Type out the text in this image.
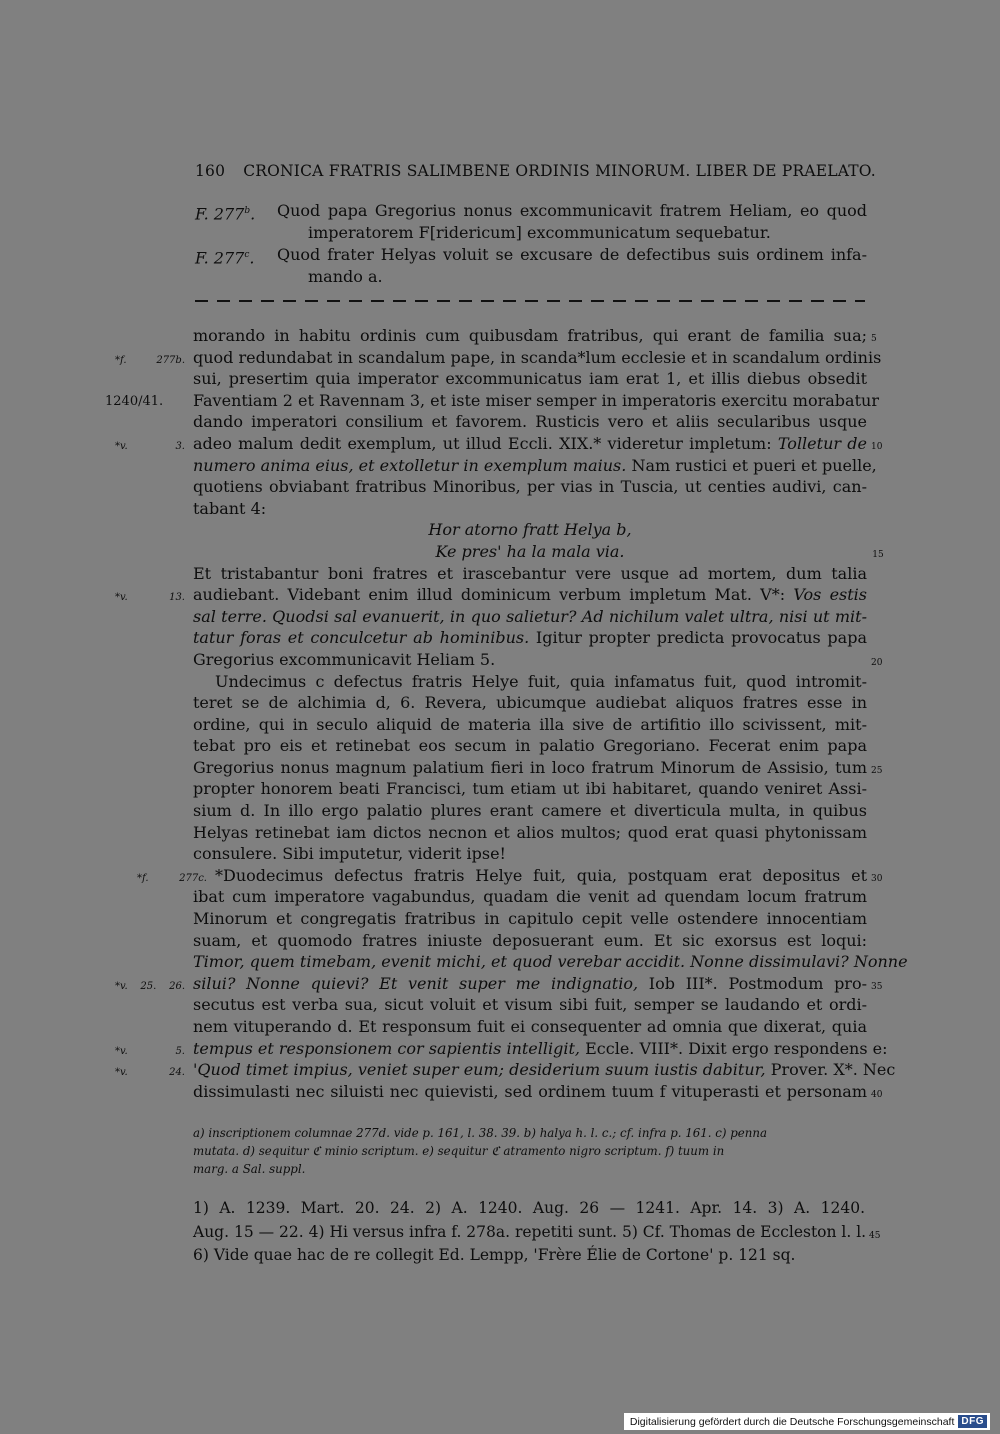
160 CRONICA FRATRIS SALIMBENE ORDINIS MINORUM. LIBER DE PRAELATO.
F. 277$^b$.	Quod papa Gregorius nonus excommunicavit fratrem Heliam, eo quod
imperatorem F[ridericum] excommunicatum sequebatur.
F. 277$^c$.	Quod frater Helyas voluit se excusare de defectibus suis ordinem infa-
mando a.
morando in habitu ordinis cum quibusdam fratribus, qui erant de familia sua; 5
*f. 277b. quod redundabat in scandalum pape, in scanda*lum ecclesie et in scandalum ordinis
sui, presertim quia imperator excommunicatus iam erat 1, et illis diebus obsedit
1240/41.	Faventiam 2 et Ravennam 3, et iste miser semper in imperatoris exercitu morabatur
dando imperatori consilium et favorem. Rusticis vero et aliis secularibus usque
*v. 3. adeo malum dedit exemplum, ut illud Eccli. XIX.* videretur impletum: Tolletur de 10
numero anima eius, et extolletur in exemplum maius. Nam rustici et pueri et puelle,
quotiens obviabant fratribus Minoribus, per vias in Tuscia, ut centies audivi, can-
tabant 4:
Hor atorno fratt Helya b,
Ke pres' ha la mala via.	15
Et tristabantur boni fratres et irascebantur vere usque ad mortem, dum talia
*v. 13. audiebant. Videbant enim illud dominicum verbum impletum Mat. V*: Vos estis
sal terre. Quodsi sal evanuerit, in quo salietur? Ad nichilum valet ultra, nisi ut mit-
tatur foras et conculcetur ab hominibus. Igitur propter predicta provocatus papa
Gregorius excommunicavit Heliam 5.	20
Undecimus c defectus fratris Helye fuit, quia infamatus fuit, quod intromit-
teret se de alchimia d, 6. Revera, ubicumque audiebat aliquos fratres esse in
ordine, qui in seculo aliquid de materia illa sive de artifitio illo scivissent, mit-
tebat pro eis et retinebat eos secum in palatio Gregoriano. Fecerat enim papa
Gregorius nonus magnum palatium fieri in loco fratrum Minorum de Assisio, tum 25
propter honorem beati Francisci, tum etiam ut ibi habitaret, quando veniret Assi-
sium d. In illo ergo palatio plures erant camere et diverticula multa, in quibus
Helyas retinebat iam dictos necnon et alios multos; quod erat quasi phytonissam
consulere. Sibi imputetur, viderit ipse!
*f. 277c. *Duodecimus defectus fratris Helye fuit, quia, postquam erat depositus et 30
ibat cum imperatore vagabundus, quadam die venit ad quendam locum fratrum
Minorum et congregatis fratribus in capitulo cepit velle ostendere innocentiam
suam, et quomodo fratres iniuste deposuerant eum. Et sic exorsus est loqui:
Timor, quem timebam, evenit michi, et quod verebar accidit. Nonne dissimulavi? Nonne
*v. 25. 26. silui? Nonne quievi? Et venit super me indignatio, Iob III*. Postmodum pro- 35
secutus est verba sua, sicut voluit et visum sibi fuit, semper se laudando et ordi-
nem vituperando d. Et responsum fuit ei consequenter ad omnia que dixerat, quia
*v. 5. tempus et responsionem cor sapientis intelligit, Eccle. VIII*. Dixit ergo respondens e:
*v. 24. 'Quod timet impius, veniet super eum; desiderium suum iustis dabitur, Prover. X*. Nec
dissimulasti nec siluisti nec quievisti, sed ordinem tuum f vituperasti et personam 40
a) inscriptionem columnae 277d. vide p. 161, l. 38. 39. b) halya h. l. c.; cf. infra p. 161. c) penna
mutata. d) sequitur ℭ minio scriptum. e) sequitur ℭ atramento nigro scriptum. f) tuum in
marg. a Sal. suppl.
1) A. 1239. Mart. 20. 24. 2) A. 1240. Aug. 26 — 1241. Apr. 14. 3) A. 1240.
Aug. 15 — 22. 4) Hi versus infra f. 278a. repetiti sunt. 5) Cf. Thomas de Eccleston l. l. 45
6) Vide quae hac de re collegit Ed. Lempp, 'Frère Élie de Cortone' p. 121 sq.
Digitalisierung gefördert durch die Deutsche Forschungsgemeinschaft DFG
